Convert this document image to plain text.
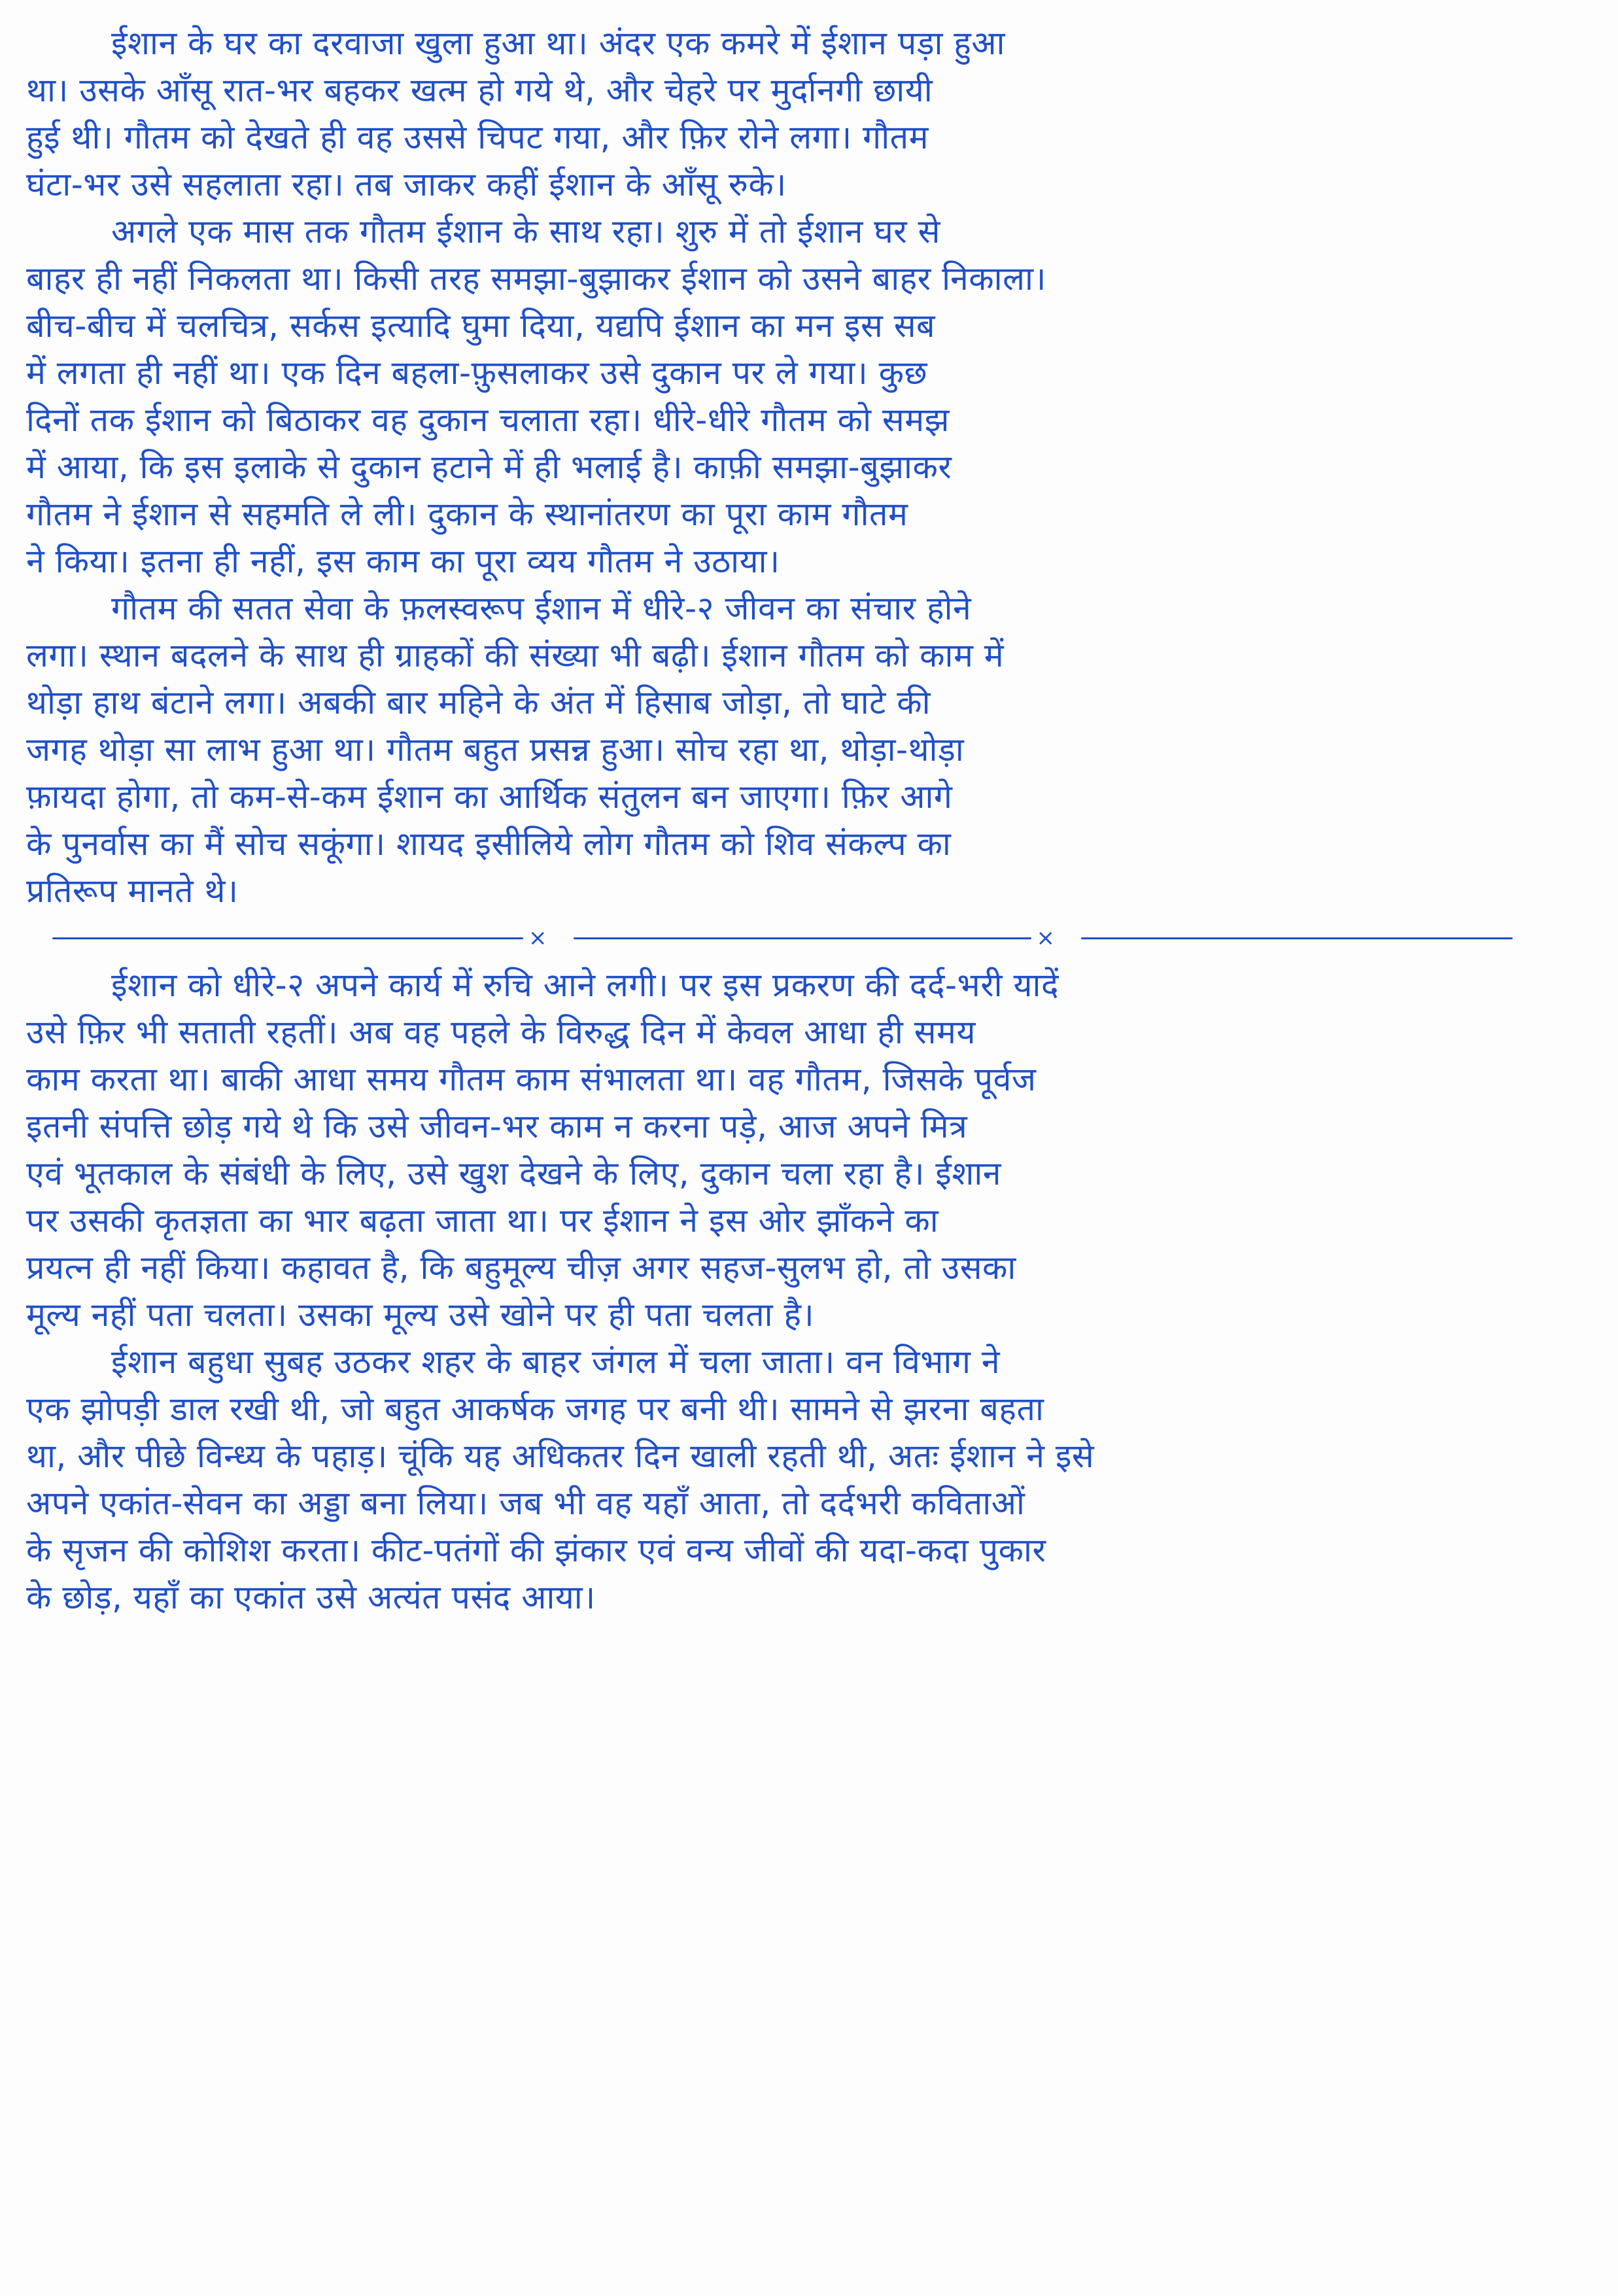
ईशान के घर का दरवाजा खुला हुआ था। अंदर एक कमरे में ईशान पड़ा हुआ
था। उसके आँसू रात-भर बहकर खत्म हो गये थे, और चेहरे पर मुर्दानगी छायी
हुई थी। गौतम को देखते ही वह उससे चिपट गया, और फ़िर रोने लगा। गौतम
घंटा-भर उसे सहलाता रहा। तब जाकर कहीं ईशान के आँसू रुके।
अगले एक मास तक गौतम ईशान के साथ रहा। शुरु में तो ईशान घर से
बाहर ही नहीं निकलता था। किसी तरह समझा-बुझाकर ईशान को उसने बाहर निकाला।
बीच-बीच में चलचित्र, सर्कस इत्यादि घुमा दिया, यद्यपि ईशान का मन इस सब
में लगता ही नहीं था। एक दिन बहला-फ़ुसलाकर उसे दुकान पर ले गया। कुछ
दिनों तक ईशान को बिठाकर वह दुकान चलाता रहा। धीरे-धीरे गौतम को समझ
में आया, कि इस इलाके से दुकान हटाने में ही भलाई है। काफ़ी समझा-बुझाकर
गौतम ने ईशान से सहमति ले ली। दुकान के स्थानांतरण का पूरा काम गौतम
ने किया। इतना ही नहीं, इस काम का पूरा व्यय गौतम ने उठाया।
गौतम की सतत सेवा के फ़लस्वरूप ईशान में धीरे-२ जीवन का संचार होने
लगा। स्थान बदलने के साथ ही ग्राहकों की संख्या भी बढ़ी। ईशान गौतम को काम में
थोड़ा हाथ बंटाने लगा। अबकी बार महिने के अंत में हिसाब जोड़ा, तो घाटे की
जगह थोड़ा सा लाभ हुआ था। गौतम बहुत प्रसन्न हुआ। सोच रहा था, थोड़ा-थोड़ा
फ़ायदा होगा, तो कम-से-कम ईशान का आर्थिक संतुलन बन जाएगा। फ़िर आगे
के पुनर्वास का मैं सोच सकूंगा। शायद इसीलिये लोग गौतम को शिव संकल्प का
प्रतिरूप मानते थे।
×	×
ईशान को धीरे-२ अपने कार्य में रुचि आने लगी। पर इस प्रकरण की दर्द-भरी यादें
उसे फ़िर भी सताती रहतीं। अब वह पहले के विरुद्ध दिन में केवल आधा ही समय
काम करता था। बाकी आधा समय गौतम काम संभालता था। वह गौतम, जिसके पूर्वज
इतनी संपत्ति छोड़ गये थे कि उसे जीवन-भर काम न करना पड़े, आज अपने मित्र
एवं भूतकाल के संबंधी के लिए, उसे खुश देखने के लिए, दुकान चला रहा है। ईशान
पर उसकी कृतज्ञता का भार बढ़ता जाता था। पर ईशान ने इस ओर झाँकने का
प्रयत्न ही नहीं किया। कहावत है, कि बहुमूल्य चीज़ अगर सहज-सुलभ हो, तो उसका
मूल्य नहीं पता चलता। उसका मूल्य उसे खोने पर ही पता चलता है।
ईशान बहुधा सुबह उठकर शहर के बाहर जंगल में चला जाता। वन विभाग ने
एक झोपड़ी डाल रखी थी, जो बहुत आकर्षक जगह पर बनी थी। सामने से झरना बहता
था, और पीछे विन्ध्य के पहाड़। चूंकि यह अधिकतर दिन खाली रहती थी, अतः ईशान ने इसे
अपने एकांत-सेवन का अड्डा बना लिया। जब भी वह यहाँ आता, तो दर्दभरी कविताओं
के सृजन की कोशिश करता। कीट-पतंगों की झंकार एवं वन्य जीवों की यदा-कदा पुकार
के छोड़, यहाँ का एकांत उसे अत्यंत पसंद आया।
